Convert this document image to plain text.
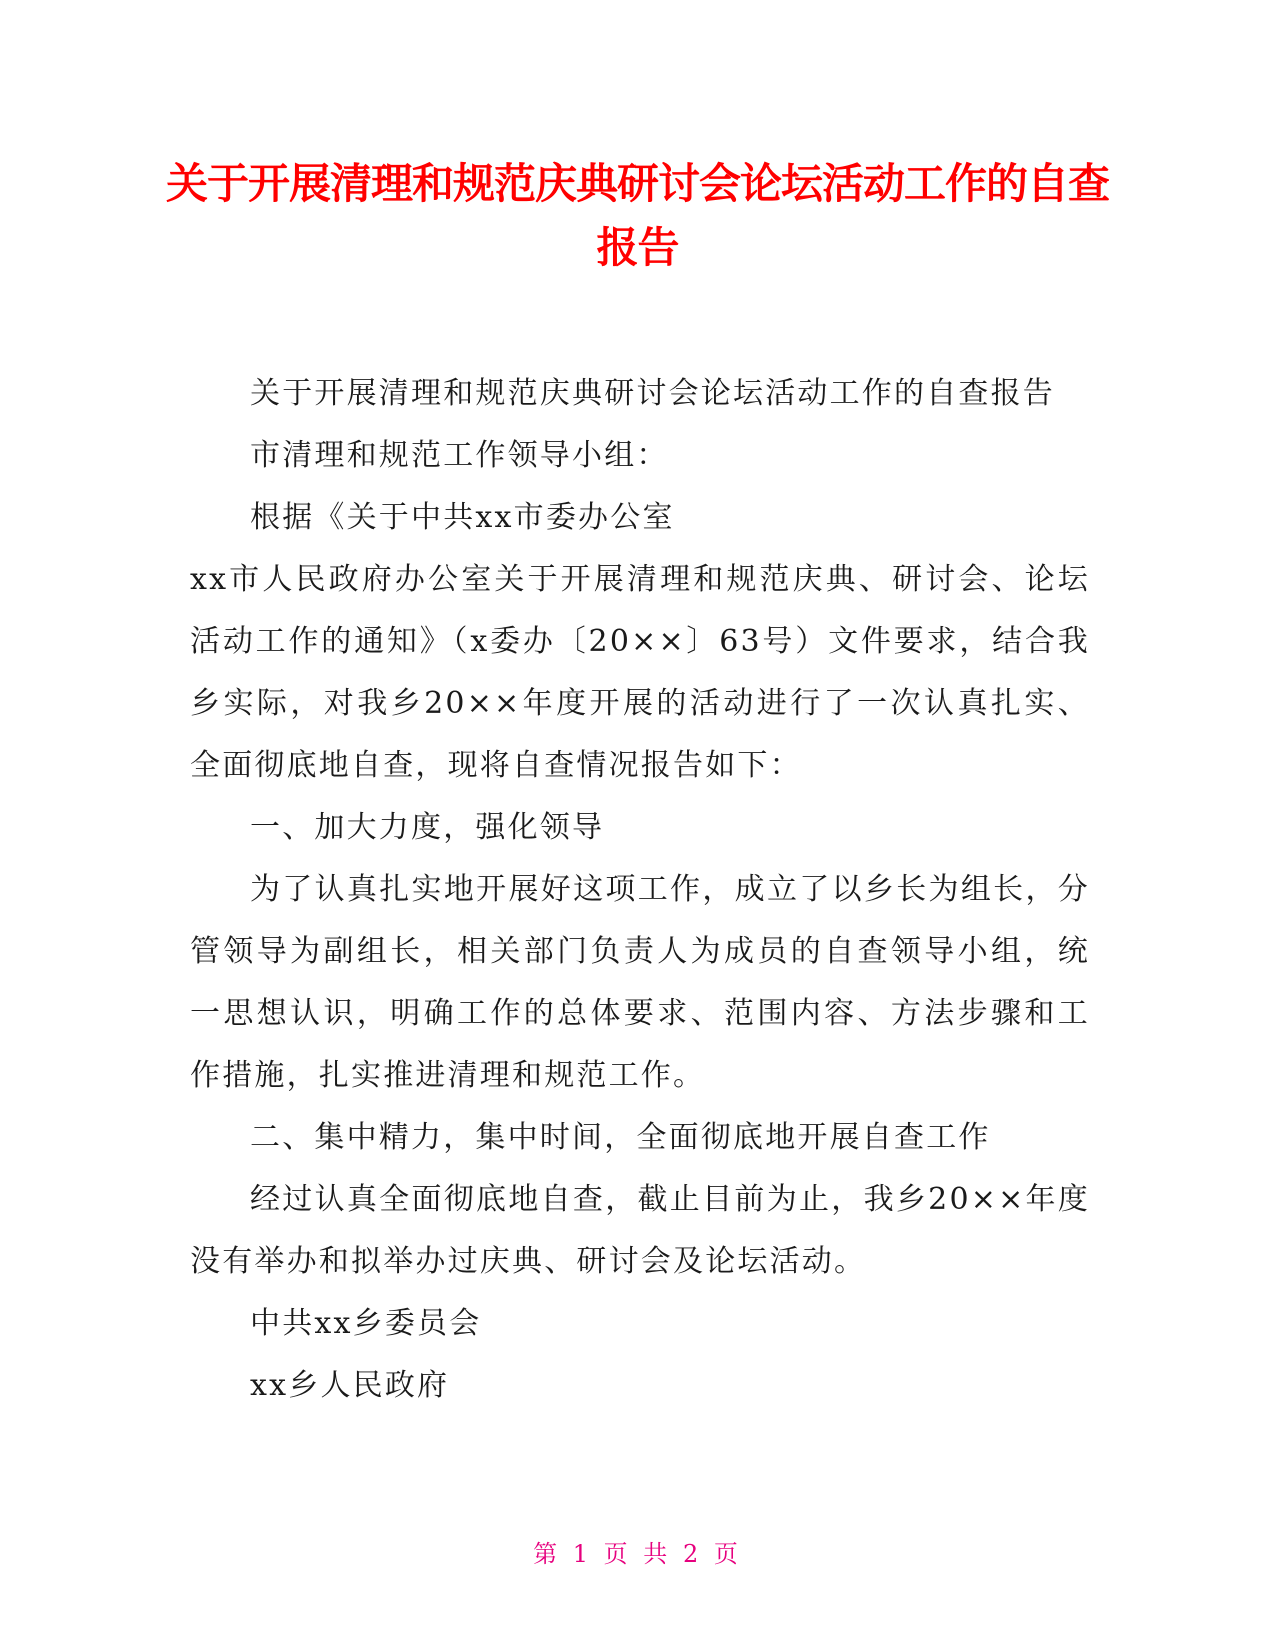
关于开展清理和规范庆典研讨会论坛活动工作的自查报告

关于开展清理和规范庆典研讨会论坛活动工作的自查报告

市清理和规范工作领导小组：

根据《关于中共xx市委办公室

xx市人民政府办公室关于开展清理和规范庆典、研讨会、论坛活动工作的通知》（x委办〔20××〕63号）文件要求，结合我乡实际，对我乡20××年度开展的活动进行了一次认真扎实、全面彻底地自查，现将自查情况报告如下：

一、加大力度，强化领导

为了认真扎实地开展好这项工作，成立了以乡长为组长，分管领导为副组长，相关部门负责人为成员的自查领导小组，统一思想认识，明确工作的总体要求、范围内容、方法步骤和工作措施，扎实推进清理和规范工作。

二、集中精力，集中时间，全面彻底地开展自查工作

经过认真全面彻底地自查，截止目前为止，我乡20××年度没有举办和拟举办过庆典、研讨会及论坛活动。

中共xx乡委员会

xx乡人民政府

第 1 页 共 2 页
